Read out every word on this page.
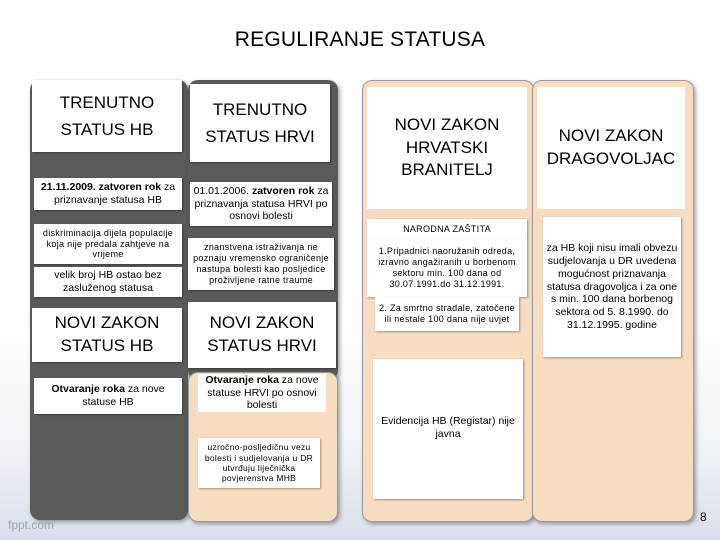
REGULIRANJE STATUSA
TRENUTNO STATUS HB
21.11.2009. zatvoren rok za priznavanje statusa HB
diskriminacija dijela populacije koja nije predala zahtjeve na vrijeme
velik broj HB ostao bez zasluženog statusa
NOVI ZAKON STATUS HB
Otvaranje roka za nove statuse HB
TRENUTNO STATUS HRVI
01.01.2006. zatvoren rok za priznavanja statusa HRVI po osnovi bolesti
znanstvena istraživanja ne poznaju vremensko ograničenje nastupa bolesti kao posljedice proživljene ratne traume
NOVI ZAKON STATUS HRVI
Otvaranje roka za nove statuse HRVI po osnovi bolesti
uzročno-posljedičnu vezu bolesti i sudjelovanja u DR utvrđuju liječnička povjerenstva MHB
NOVI ZAKON HRVATSKI BRANITELJ
NARODNA ZAŠTITA
1.Pripadnici naoružanih odreda, izravno angažiranih u borbenom sektoru min. 100 dana od 30.07.1991.do 31.12.1991.
2. Za smrtno stradale, zatočene ili nestale 100 dana nije uvjet
Evidencija HB (Registar) nije javna
NOVI ZAKON DRAGOVOLJAC
za HB koji nisu imali obvezu sudjelovanja u DR uvedena mogućnost priznavanja statusa dragovoljca i za one s min. 100 dana borbenog sektora od 5. 8.1990. do 31.12.1995. godine
fppt.com
8
